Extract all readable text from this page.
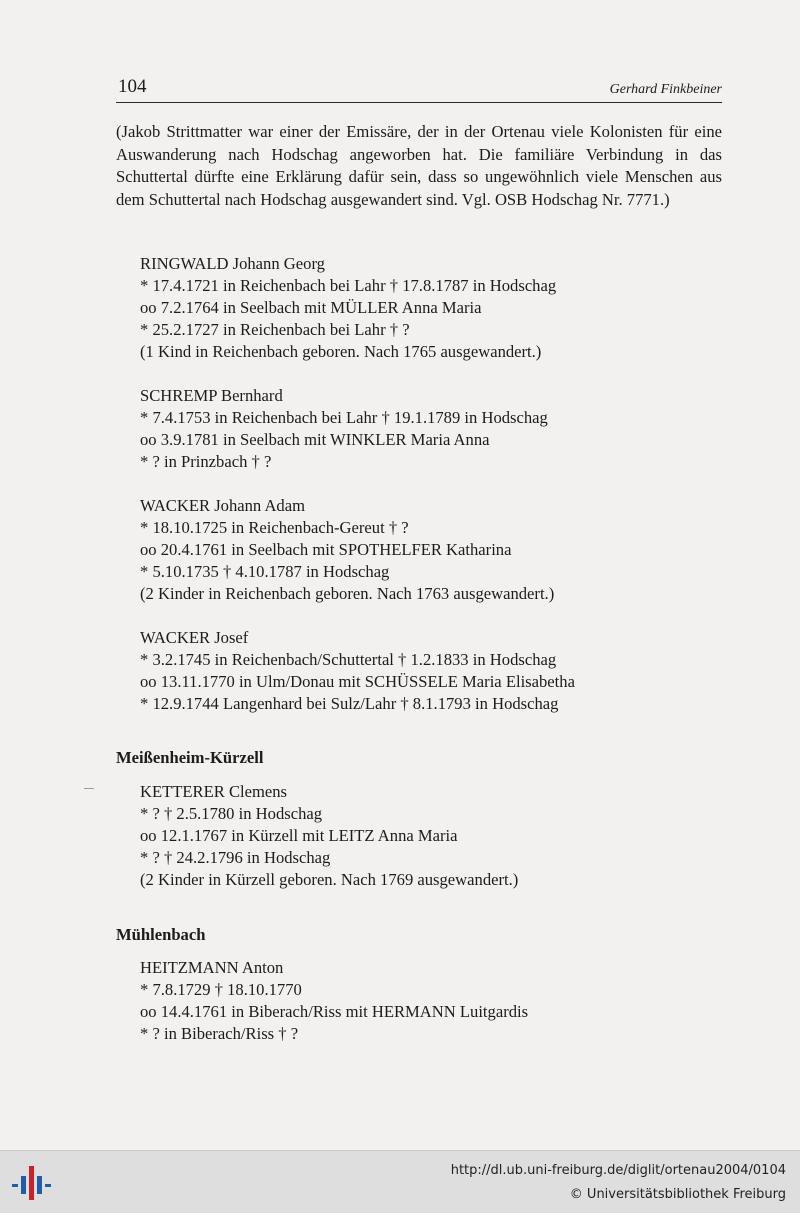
104	Gerhard Finkbeiner

(Jakob Strittmatter war einer der Emissäre, der in der Ortenau viele Kolonisten für eine Auswanderung nach Hodschag angeworben hat. Die familiäre Verbindung in das Schuttertal dürfte eine Erklärung dafür sein, dass so ungewöhnlich viele Menschen aus dem Schuttertal nach Hodschag ausgewandert sind. Vgl. OSB Hodschag Nr. 7771.)

RINGWALD Johann Georg
* 17.4.1721 in Reichenbach bei Lahr † 17.8.1787 in Hodschag
oo 7.2.1764 in Seelbach mit MÜLLER Anna Maria
* 25.2.1727 in Reichenbach bei Lahr † ?
(1 Kind in Reichenbach geboren. Nach 1765 ausgewandert.)
SCHREMP Bernhard
* 7.4.1753 in Reichenbach bei Lahr † 19.1.1789 in Hodschag
oo 3.9.1781 in Seelbach mit WINKLER Maria Anna
* ? in Prinzbach † ?
WACKER Johann Adam
* 18.10.1725 in Reichenbach-Gereut † ?
oo 20.4.1761 in Seelbach mit SPOTHELFER Katharina
* 5.10.1735 † 4.10.1787 in Hodschag
(2 Kinder in Reichenbach geboren. Nach 1763 ausgewandert.)
WACKER Josef
* 3.2.1745 in Reichenbach/Schuttertal † 1.2.1833 in Hodschag
oo 13.11.1770 in Ulm/Donau mit SCHÜSSELE Maria Elisabetha
* 12.9.1744 Langenhard bei Sulz/Lahr † 8.1.1793 in Hodschag
Meißenheim-Kürzell
KETTERER Clemens
* ? † 2.5.1780 in Hodschag
oo 12.1.1767 in Kürzell mit LEITZ Anna Maria
* ? † 24.2.1796 in Hodschag
(2 Kinder in Kürzell geboren. Nach 1769 ausgewandert.)
Mühlenbach
HEITZMANN Anton
* 7.8.1729 † 18.10.1770
oo 14.4.1761 in Biberach/Riss mit HERMANN Luitgardis
* ? in Biberach/Riss † ?
http://dl.ub.uni-freiburg.de/diglit/ortenau2004/0104
© Universitätsbibliothek Freiburg
